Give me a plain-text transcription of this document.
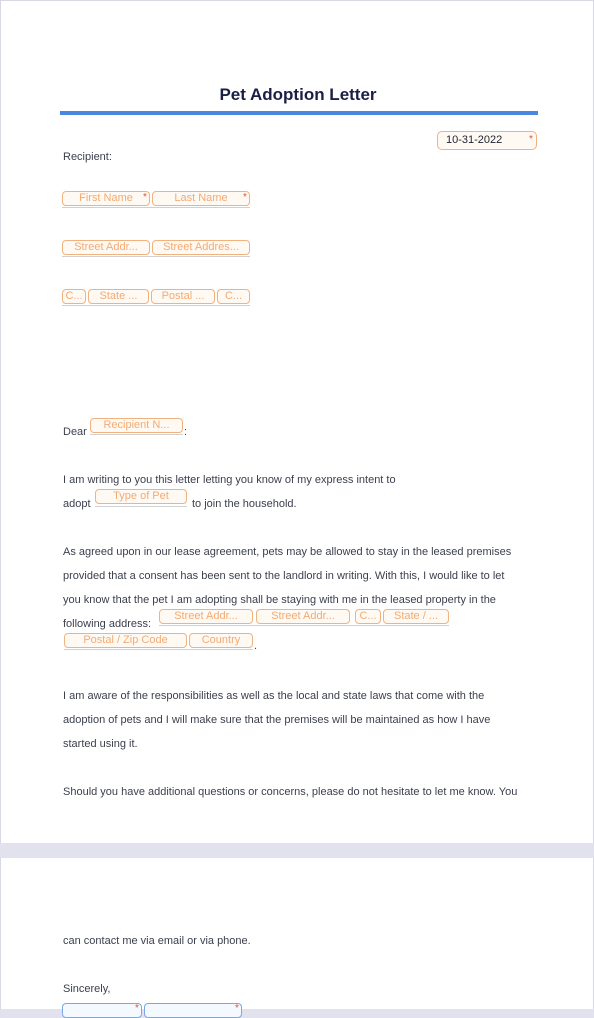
Pet Adoption Letter
10-31-2022	*
Recipient:
First Name	*	Last Name	*
Street Addr...	Street Addres...
C...	State ...	Postal ...	C...
Dear
Recipient N...
:
I am writing to you this letter letting you know of my express intent to
adopt
Type of Pet
to join the household.
As agreed upon in our lease agreement, pets may be allowed to stay in the leased premises
provided that a consent has been sent to the landlord in writing. With this, I would like to let
you know that the pet I am adopting shall be staying with me in the leased property in the
following address:
Street Addr...	Street Addr...	C...	State / ...
Postal / Zip Code	Country	.
I am aware of the responsibilities as well as the local and state laws that come with the
adoption of pets and I will make sure that the premises will be maintained as how I have
started using it.
Should you have additional questions or concerns, please do not hesitate to let me know. You
can contact me via email or via phone.
Sincerely,
*	*
